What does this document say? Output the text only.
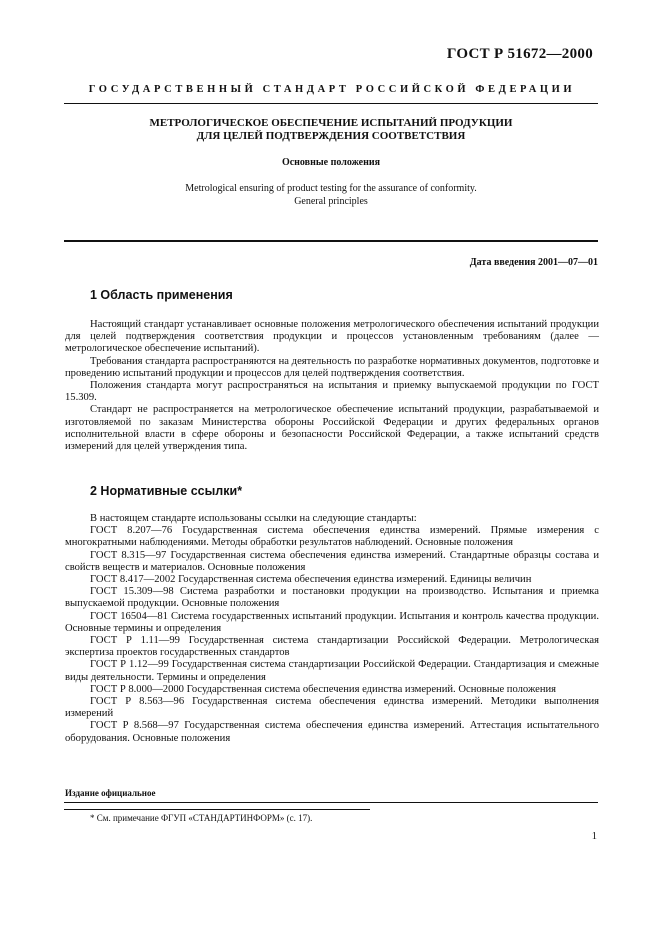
ГОСТ Р 51672—2000
ГОСУДАРСТВЕННЫЙ СТАНДАРТ РОССИЙСКОЙ ФЕДЕРАЦИИ
МЕТРОЛОГИЧЕСКОЕ ОБЕСПЕЧЕНИЕ ИСПЫТАНИЙ ПРОДУКЦИИ
ДЛЯ ЦЕЛЕЙ ПОДТВЕРЖДЕНИЯ СООТВЕТСТВИЯ
Основные положения
Metrological ensuring of product testing for the assurance of conformity.
General principles
Дата введения 2001—07—01
1 Область применения

Настоящий стандарт устанавливает основные положения метрологического обеспечения испытаний продукции для целей подтверждения соответствия продукции и процессов установленным требованиям (далее — метрологическое обеспечение испытаний).

Требования стандарта распространяются на деятельность по разработке нормативных документов, подготовке и проведению испытаний продукции и процессов для целей подтверждения соответствия.

Положения стандарта могут распространяться на испытания и приемку выпускаемой продукции по ГОСТ 15.309.

Стандарт не распространяется на метрологическое обеспечение испытаний продукции, разрабатываемой и изготовляемой по заказам Министерства обороны Российской Федерации и других федеральных органов исполнительной власти в сфере обороны и безопасности Российской Федерации, а также испытаний средств измерений для целей утверждения типа.

2 Нормативные ссылки*

В настоящем стандарте использованы ссылки на следующие стандарты:

ГОСТ 8.207—76 Государственная система обеспечения единства измерений. Прямые измерения с многократными наблюдениями. Методы обработки результатов наблюдений. Основные положения

ГОСТ 8.315—97 Государственная система обеспечения единства измерений. Стандартные образцы состава и свойств веществ и материалов. Основные положения

ГОСТ 8.417—2002 Государственная система обеспечения единства измерений. Единицы величин

ГОСТ 15.309—98 Система разработки и постановки продукции на производство. Испытания и приемка выпускаемой продукции. Основные положения

ГОСТ 16504—81 Система государственных испытаний продукции. Испытания и контроль качества продукции. Основные термины и определения

ГОСТ Р 1.11—99 Государственная система стандартизации Российской Федерации. Метрологическая экспертиза проектов государственных стандартов

ГОСТ Р 1.12—99 Государственная система стандартизации Российской Федерации. Стандартизация и смежные виды деятельности. Термины и определения

ГОСТ Р 8.000—2000 Государственная система обеспечения единства измерений. Основные положения

ГОСТ Р 8.563—96 Государственная система обеспечения единства измерений. Методики выполнения измерений

ГОСТ Р 8.568—97 Государственная система обеспечения единства измерений. Аттестация испытательного оборудования. Основные положения

Издание официальное
* См. примечание ФГУП «СТАНДАРТИНФОРМ» (с. 17).
1
